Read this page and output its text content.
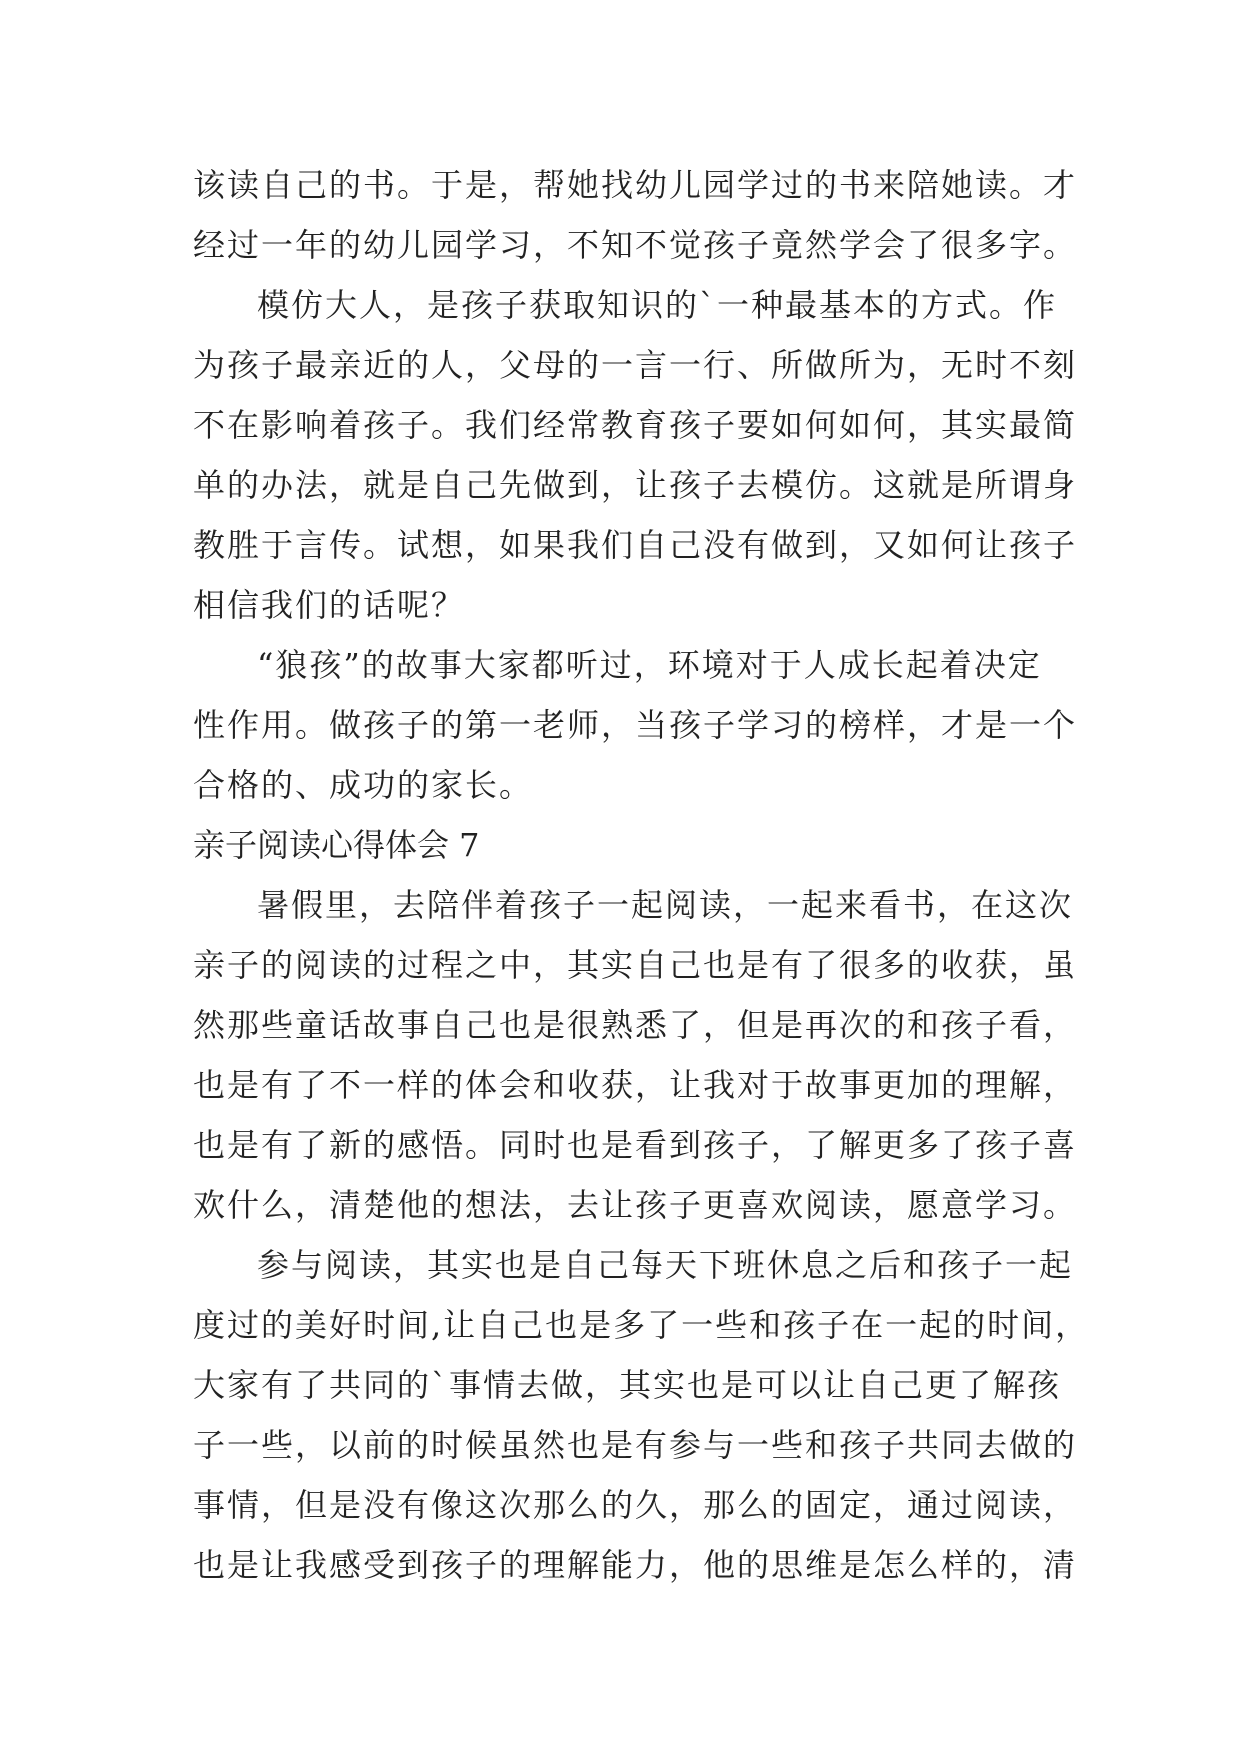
该读自己的书。于是，帮她找幼儿园学过的书来陪她读。才
经过一年的幼儿园学习，不知不觉孩子竟然学会了很多字。
模仿大人，是孩子获取知识的`一种最基本的方式。作
为孩子最亲近的人，父母的一言一行、所做所为，无时不刻
不在影响着孩子。我们经常教育孩子要如何如何，其实最简
单的办法，就是自己先做到，让孩子去模仿。这就是所谓身
教胜于言传。试想，如果我们自己没有做到，又如何让孩子
相信我们的话呢？
“狼孩”的故事大家都听过，环境对于人成长起着决定
性作用。做孩子的第一老师，当孩子学习的榜样，才是一个
合格的、成功的家长。
亲子阅读心得体会 7
暑假里，去陪伴着孩子一起阅读，一起来看书，在这次
亲子的阅读的过程之中，其实自己也是有了很多的收获，虽
然那些童话故事自己也是很熟悉了，但是再次的和孩子看，
也是有了不一样的体会和收获，让我对于故事更加的理解，
也是有了新的感悟。同时也是看到孩子，了解更多了孩子喜
欢什么，清楚他的想法，去让孩子更喜欢阅读，愿意学习。
参与阅读，其实也是自己每天下班休息之后和孩子一起
度过的美好时间,让自己也是多了一些和孩子在一起的时间，
大家有了共同的`事情去做，其实也是可以让自己更了解孩
子一些，以前的时候虽然也是有参与一些和孩子共同去做的
事情，但是没有像这次那么的久，那么的固定，通过阅读，
也是让我感受到孩子的理解能力，他的思维是怎么样的，清
